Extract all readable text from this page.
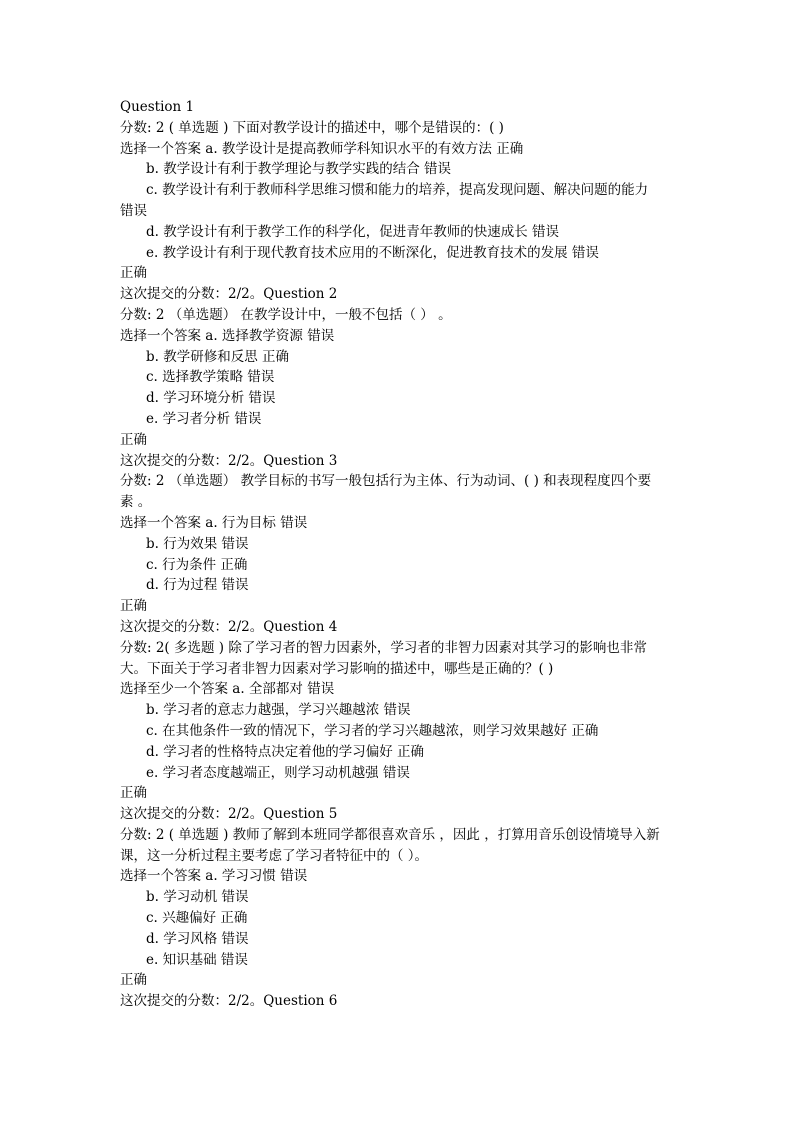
Question 1
分数: 2 ( 单选题 ) 下面对教学设计的描述中，哪个是错误的：( )
选择一个答案 a. 教学设计是提高教师学科知识水平的有效方法 正确
b. 教学设计有利于教学理论与教学实践的结合 错误
c. 教学设计有利于教师科学思维习惯和能力的培养，提高发现问题、解决问题的能力
错误
d. 教学设计有利于教学工作的科学化，促进青年教师的快速成长 错误
e. 教学设计有利于现代教育技术应用的不断深化，促进教育技术的发展 错误
正确
这次提交的分数：2/2。Question 2
分数: 2 （单选题） 在教学设计中，一般不包括（ ） 。
选择一个答案 a. 选择教学资源 错误
b. 教学研修和反思 正确
c. 选择教学策略 错误
d. 学习环境分析 错误
e. 学习者分析 错误
正确
这次提交的分数：2/2。Question 3
分数: 2 （单选题） 教学目标的书写一般包括行为主体、行为动词、( ) 和表现程度四个要
素 。
选择一个答案 a. 行为目标 错误
b. 行为效果 错误
c. 行为条件 正确
d. 行为过程 错误
正确
这次提交的分数：2/2。Question 4
分数: 2( 多选题 ) 除了学习者的智力因素外，学习者的非智力因素对其学习的影响也非常
大。下面关于学习者非智力因素对学习影响的描述中，哪些是正确的？( )
选择至少一个答案 a. 全部都对 错误
b. 学习者的意志力越强，学习兴趣越浓 错误
c. 在其他条件一致的情况下，学习者的学习兴趣越浓，则学习效果越好 正确
d. 学习者的性格特点决定着他的学习偏好 正确
e. 学习者态度越端正，则学习动机越强 错误
正确
这次提交的分数：2/2。Question 5
分数: 2 ( 单选题 ) 教师了解到本班同学都很喜欢音乐 ，因此 ，打算用音乐创设情境导入新
课，这一分析过程主要考虑了学习者特征中的（ ）。
选择一个答案 a. 学习习惯 错误
b. 学习动机 错误
c. 兴趣偏好 正确
d. 学习风格 错误
e. 知识基础 错误
正确
这次提交的分数：2/2。Question 6
